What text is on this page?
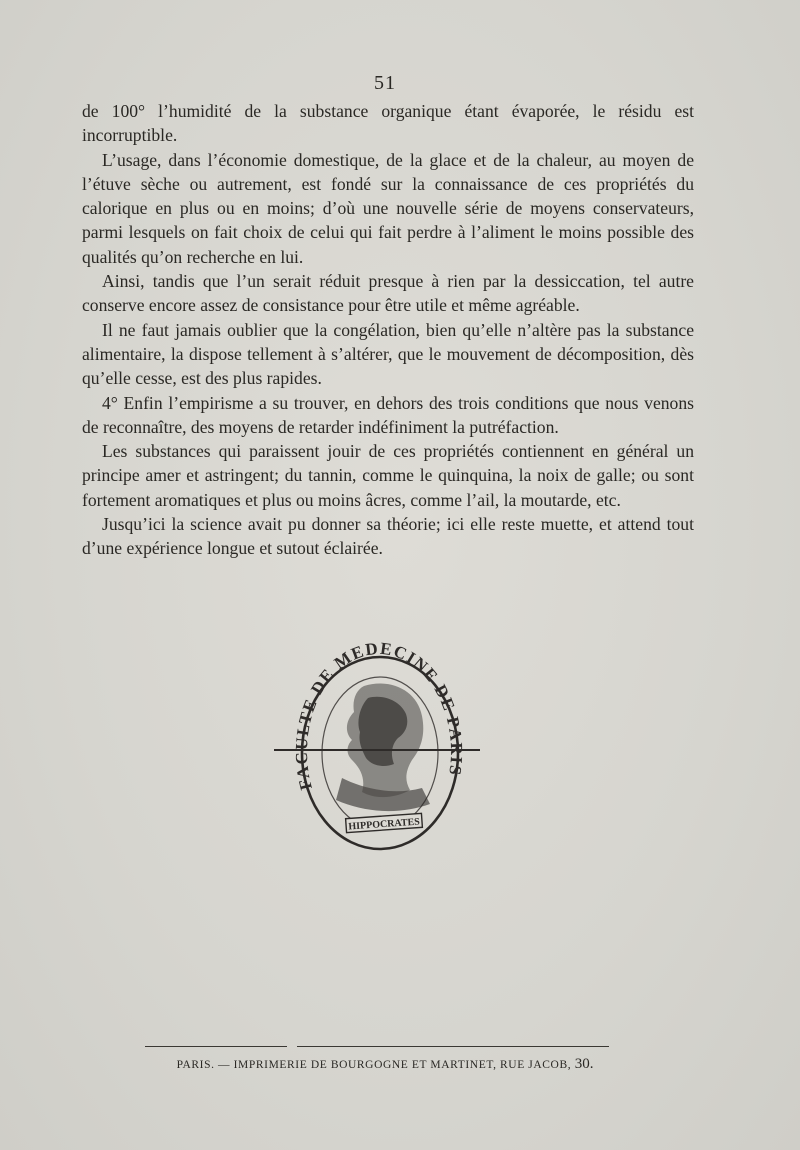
51

de 100° l’humidité de la substance organique étant évaporée, le résidu est incorruptible.

L’usage, dans l’économie domestique, de la glace et de la chaleur, au moyen de l’étuve sèche ou autrement, est fondé sur la connaissance de ces propriétés du calorique en plus ou en moins; d’où une nouvelle série de moyens conservateurs, parmi lesquels on fait choix de celui qui fait perdre à l’aliment le moins possible des qualités qu’on recherche en lui.

Ainsi, tandis que l’un serait réduit presque à rien par la dessiccation, tel autre conserve encore assez de consistance pour être utile et même agréable.

Il ne faut jamais oublier que la congélation, bien qu’elle n’altère pas la substance alimentaire, la dispose tellement à s’altérer, que le mouvement de décomposition, dès qu’elle cesse, est des plus rapides.

4° Enfin l’empirisme a su trouver, en dehors des trois conditions que nous venons de reconnaître, des moyens de retarder indéfiniment la putréfaction.

Les substances qui paraissent jouir de ces propriétés contiennent en général un principe amer et astringent; du tannin, comme le quinquina, la noix de galle; ou sont fortement aromatiques et plus ou moins âcres, comme l’ail, la moutarde, etc.

Jusqu’ici la science avait pu donner sa théorie; ici elle reste muette, et attend tout d’une expérience longue et sutout éclairée.

FACULTE DE MEDECINE DE PARIS
HIPPOCRATES
PARIS. — IMPRIMERIE DE BOURGOGNE ET MARTINET, RUE JACOB, 30.
